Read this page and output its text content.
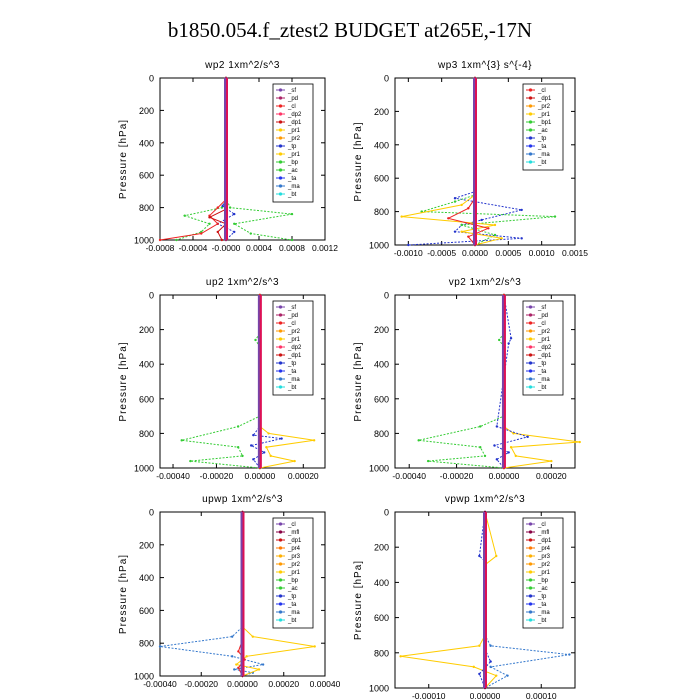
b1850.054.f_ztest2 BUDGET at265E,-17N
wp2 1xm^2/s^3
Pressure [hPa]
0
200
400
600
800
1000
-0.0008 -0.0004 -0.0000 0.0004 0.0008 0.0012
_sf
_pd
_cl
_dp2
_dp1
_pr1
_pr2
_tp
_pr1
_bp
_ac
_ta
_ma
_bt
wp3 1xm^{3} s^{-4}
Pressure [hPa]
0
200
400
600
800
1000
-0.0010 -0.0005 0.0000 0.0005 0.0010 0.0015
_cl
_dp1
_pr2
_pr1
_bp1
_ac
_tp
_ta
_ma
_bt
up2 1xm^2/s^3
Pressure [hPa]
0
200
400
600
800
1000
-0.00040 -0.00020 0.00000 0.00020
_sf
_pd
_cl
_pr2
_pr1
_dp2
_dp1
_tp
_ta
_ma
_bt
vp2 1xm^2/s^3
Pressure [hPa]
0
200
400
600
800
1000
-0.00040 -0.00020 0.00000 0.00020
_sf
_pd
_cl
_pr2
_pr1
_dp2
_dp1
_tp
_ta
_ma
_bt
upwp 1xm^2/s^3
Pressure [hPa]
0
200
400
600
800
1000
-0.00040 -0.00020 0.00000 0.00020 0.00040
_cl
_mfl
_dp1
_pr4
_pr3
_pr2
_pr1
_bp
_ac
_tp
_ta
_ma
_bt
vpwp 1xm^2/s^3
Pressure [hPa]
0
200
400
600
800
1000
-0.00010	0.00000	0.00010
_cl
_mfl
_dp1
_pr4
_pr3
_pr2
_pr1
_bp
_ac
_tp
_ta
_ma
_bt
